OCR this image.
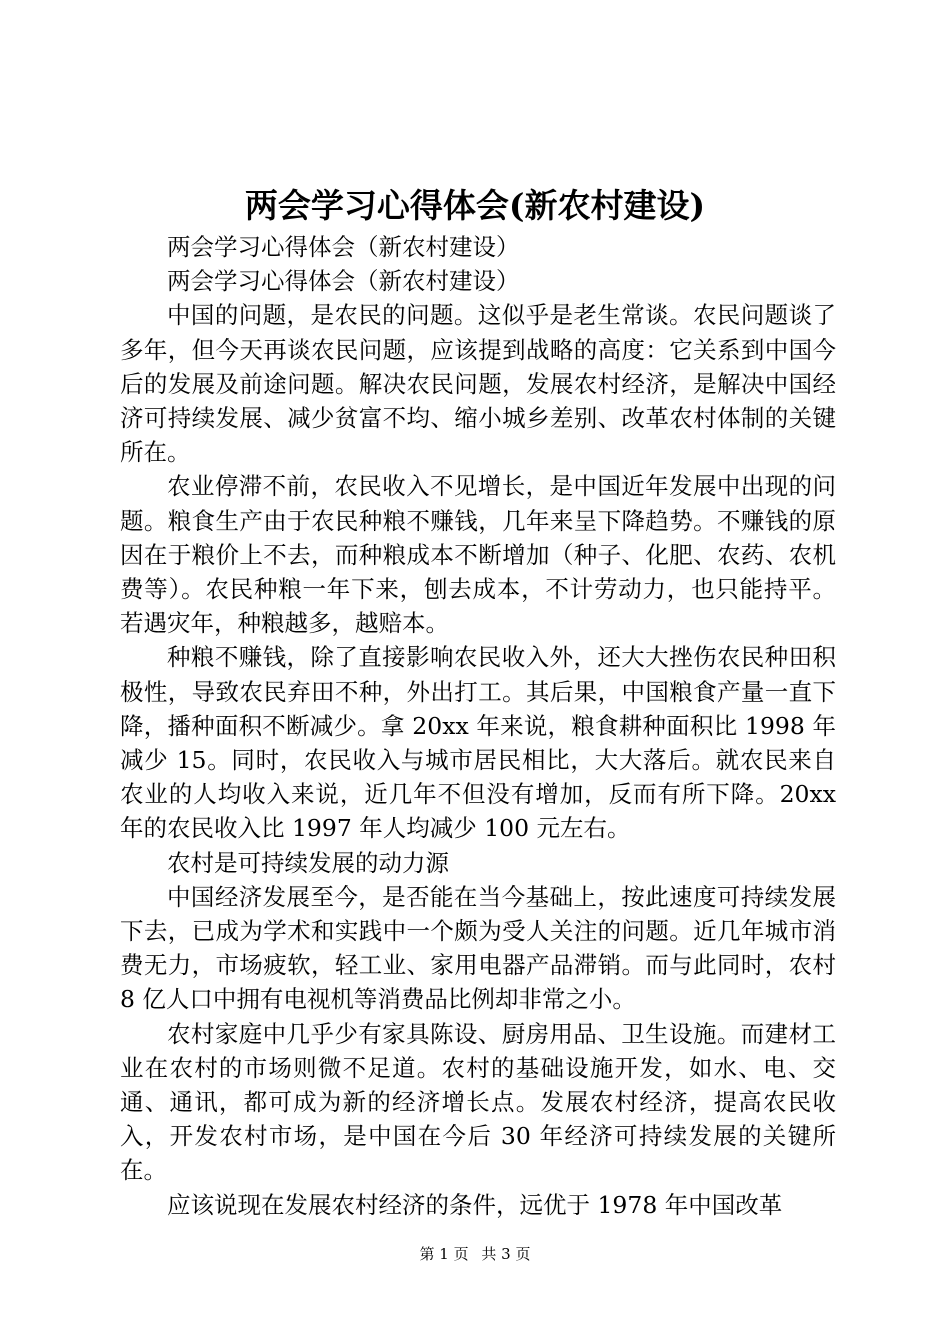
两会学习心得体会(新农村建设)

两会学习心得体会（新农村建设）

两会学习心得体会（新农村建设）

中国的问题，是农民的问题。这似乎是老生常谈。农民问题谈了多年，但今天再谈农民问题，应该提到战略的高度：它关系到中国今后的发展及前途问题。解决农民问题，发展农村经济，是解决中国经济可持续发展、减少贫富不均、缩小城乡差别、改革农村体制的关键所在。

农业停滞不前，农民收入不见增长，是中国近年发展中出现的问题。粮食生产由于农民种粮不赚钱，几年来呈下降趋势。不赚钱的原因在于粮价上不去，而种粮成本不断增加（种子、化肥、农药、农机费等）。农民种粮一年下来，刨去成本，不计劳动力，也只能持平。若遇灾年，种粮越多，越赔本。

种粮不赚钱，除了直接影响农民收入外，还大大挫伤农民种田积极性，导致农民弃田不种，外出打工。其后果，中国粮食产量一直下降，播种面积不断减少。拿 20xx 年来说，粮食耕种面积比 1998 年减少 15。同时，农民收入与城市居民相比，大大落后。就农民来自农业的人均收入来说，近几年不但没有增加，反而有所下降。20xx 年的农民收入比 1997 年人均减少 100 元左右。

农村是可持续发展的动力源

中国经济发展至今，是否能在当今基础上，按此速度可持续发展下去，已成为学术和实践中一个颇为受人关注的问题。近几年城市消费无力，市场疲软，轻工业、家用电器产品滞销。而与此同时，农村 8 亿人口中拥有电视机等消费品比例却非常之小。

农村家庭中几乎少有家具陈设、厨房用品、卫生设施。而建材工业在农村的市场则微不足道。农村的基础设施开发，如水、电、交通、通讯，都可成为新的经济增长点。发展农村经济，提高农民收入，开发农村市场，是中国在今后 30 年经济可持续发展的关键所在。

应该说现在发展农村经济的条件，远优于 1978 年中国改革

第 1 页 共 3 页
